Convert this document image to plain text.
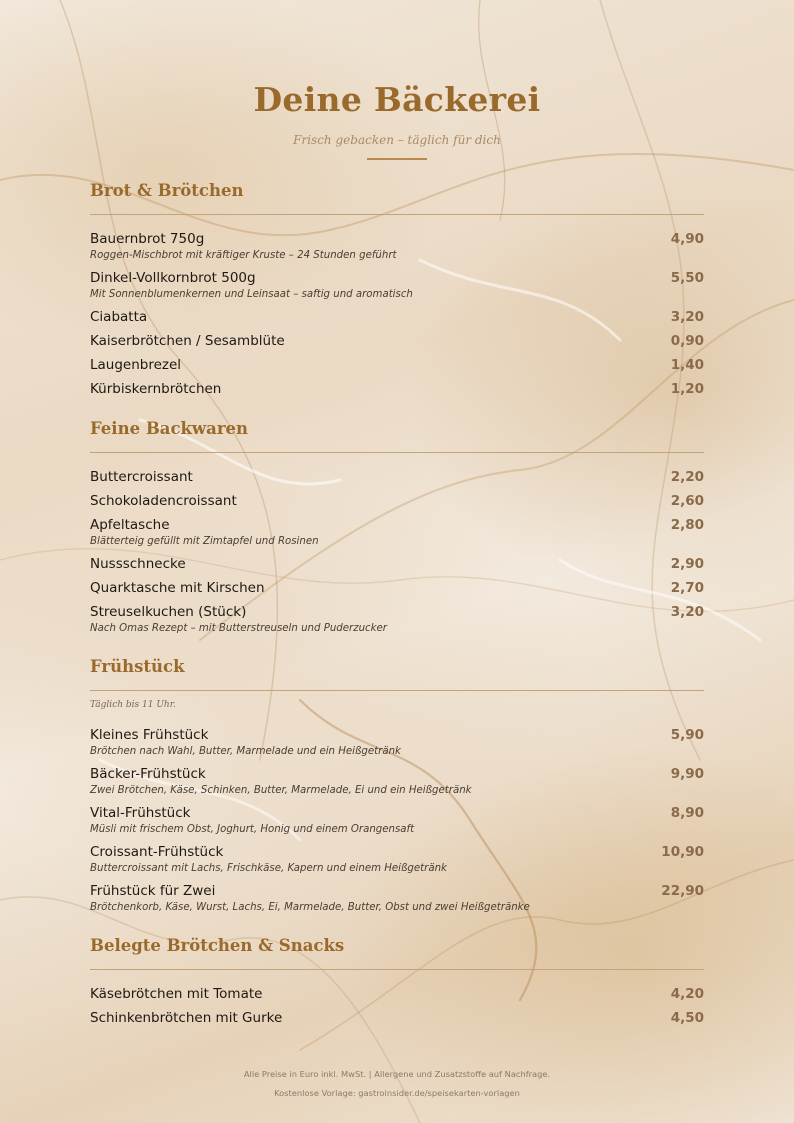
Deine Bäckerei
Frisch gebacken – täglich für dich
Brot & Brötchen
Bauernbrot 750g
Roggen-Mischbrot mit kräftiger Kruste – 24 Stunden geführt
4,90
Dinkel-Vollkornbrot 500g
Mit Sonnenblumenkernen und Leinsaat – saftig und aromatisch
5,50
Ciabatta	3,20
Kaiserbrötchen / Sesamblüte	0,90
Laugenbrezel	1,40
Kürbiskernbrötchen	1,20
Feine Backwaren
Buttercroissant	2,20
Schokoladencroissant	2,60
Apfeltasche
Blätterteig gefüllt mit Zimtapfel und Rosinen
2,80
Nussschnecke	2,90
Quarktasche mit Kirschen	2,70
Streuselkuchen (Stück)
Nach Omas Rezept – mit Butterstreuseln und Puderzucker
3,20
Frühstück
Täglich bis 11 Uhr.
Kleines Frühstück
Brötchen nach Wahl, Butter, Marmelade und ein Heißgetränk
5,90
Bäcker-Frühstück
Zwei Brötchen, Käse, Schinken, Butter, Marmelade, Ei und ein Heißgetränk
9,90
Vital-Frühstück
Müsli mit frischem Obst, Joghurt, Honig und einem Orangensaft
8,90
Croissant-Frühstück
Buttercroissant mit Lachs, Frischkäse, Kapern und einem Heißgetränk
10,90
Frühstück für Zwei
Brötchenkorb, Käse, Wurst, Lachs, Ei, Marmelade, Butter, Obst und zwei Heißgetränke
22,90
Belegte Brötchen & Snacks
Käsebrötchen mit Tomate	4,20
Schinkenbrötchen mit Gurke	4,50
Alle Preise in Euro inkl. MwSt. | Allergene und Zusatzstoffe auf Nachfrage.
Kostenlose Vorlage: gastroinsider.de/speisekarten-vorlagen
